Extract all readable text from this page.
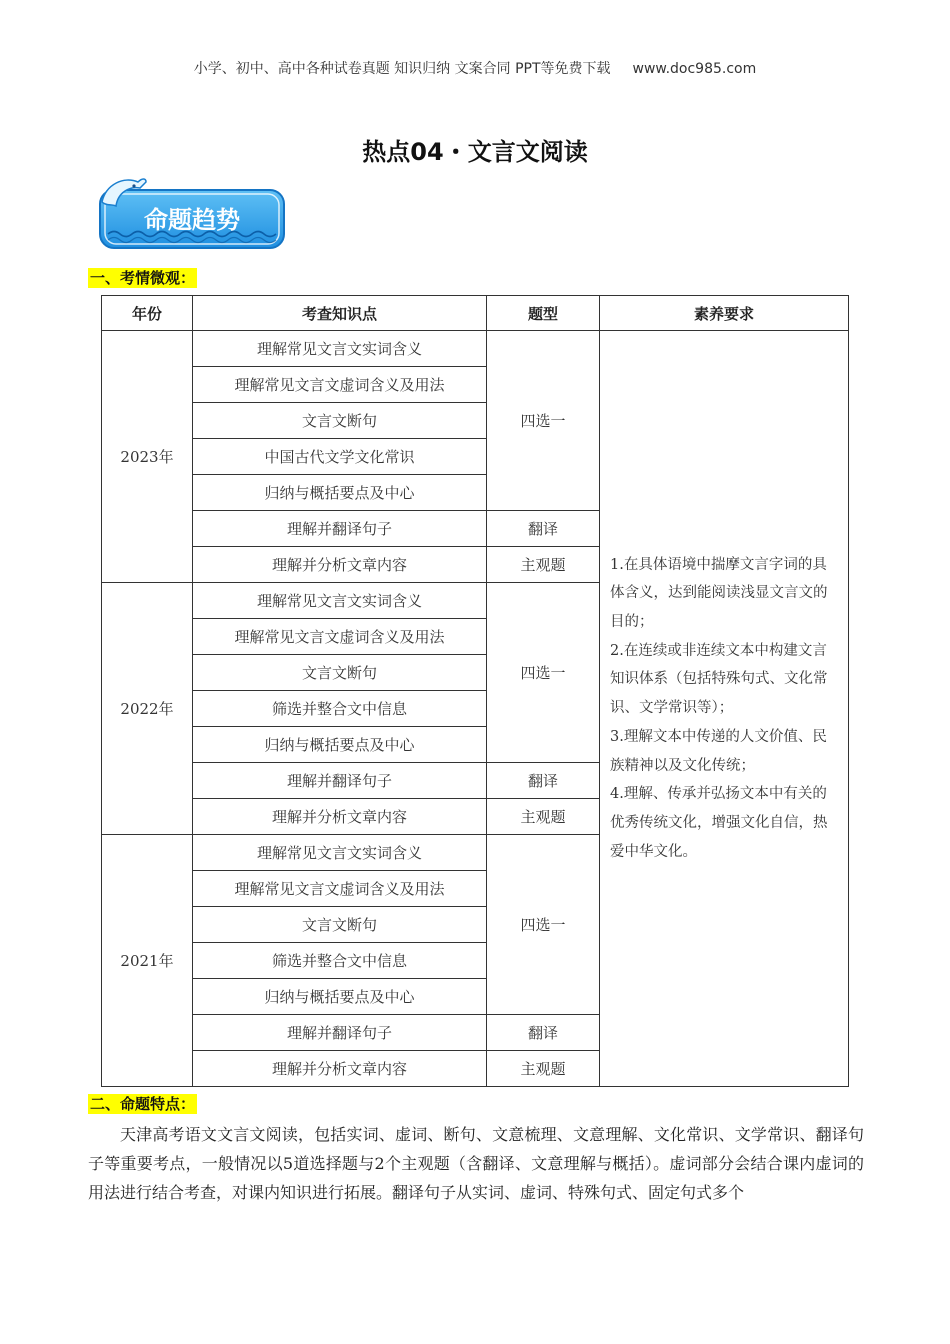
小学、初中、高中各种试卷真题 知识归纳 文案合同 PPT等免费下载 www.doc985.com
热点04・文言文阅读
命题趋势
一、考情微观：
年份	考查知识点	题型	素养要求
2023年	理解常见文言文实词含义	四选一	1.在具体语境中揣摩文言字词的具体含义，达到能阅读浅显文言文的目的；
2.在连续或非连续文本中构建文言知识体系（包括特殊句式、文化常识、文学常识等）；
3.理解文本中传递的人文价值、民族精神以及文化传统；
4.理解、传承并弘扬文本中有关的优秀传统文化，增强文化自信，热爱中华文化。

	理解常见文言文虚词含义及用法		
	文言文断句		
	中国古代文学文化常识		
	归纳与概括要点及中心		
	理解并翻译句子	翻译	
	理解并分析文章内容	主观题	
2022年	理解常见文言文实词含义	四选一	
	理解常见文言文虚词含义及用法		
	文言文断句		
	筛选并整合文中信息		
	归纳与概括要点及中心		
	理解并翻译句子	翻译	
	理解并分析文章内容	主观题	
2021年	理解常见文言文实词含义	四选一	
	理解常见文言文虚词含义及用法		
	文言文断句		
	筛选并整合文中信息		
	归纳与概括要点及中心		
	理解并翻译句子	翻译	
	理解并分析文章内容	主观题	
二、命题特点：

天津高考语文文言文阅读，包括实词、虚词、断句、文意梳理、文意理解、文化常识、文学常识、翻译句子等重要考点，一般情况以5道选择题与2个主观题（含翻译、文意理解与概括）。虚词部分会结合课内虚词的用法进行结合考查，对课内知识进行拓展。翻译句子从实词、虚词、特殊句式、固定句式多个
